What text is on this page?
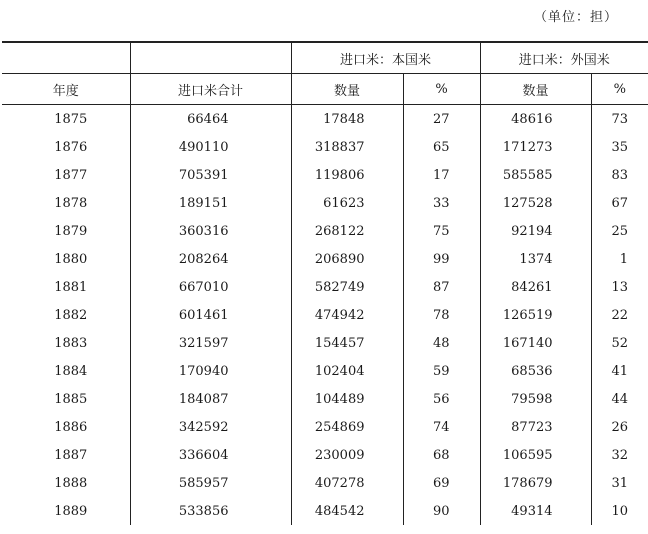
（单位：担）
		进口米：本国米		进口米：外国米	
年度	进口米合计	数量	%	数量	%
1875	66464	17848	27	48616	73
1876	490110	318837	65	171273	35
1877	705391	119806	17	585585	83
1878	189151	61623	33	127528	67
1879	360316	268122	75	92194	25
1880	208264	206890	99	1374	1
1881	667010	582749	87	84261	13
1882	601461	474942	78	126519	22
1883	321597	154457	48	167140	52
1884	170940	102404	59	68536	41
1885	184087	104489	56	79598	44
1886	342592	254869	74	87723	26
1887	336604	230009	68	106595	32
1888	585957	407278	69	178679	31
1889	533856	484542	90	49314	10
